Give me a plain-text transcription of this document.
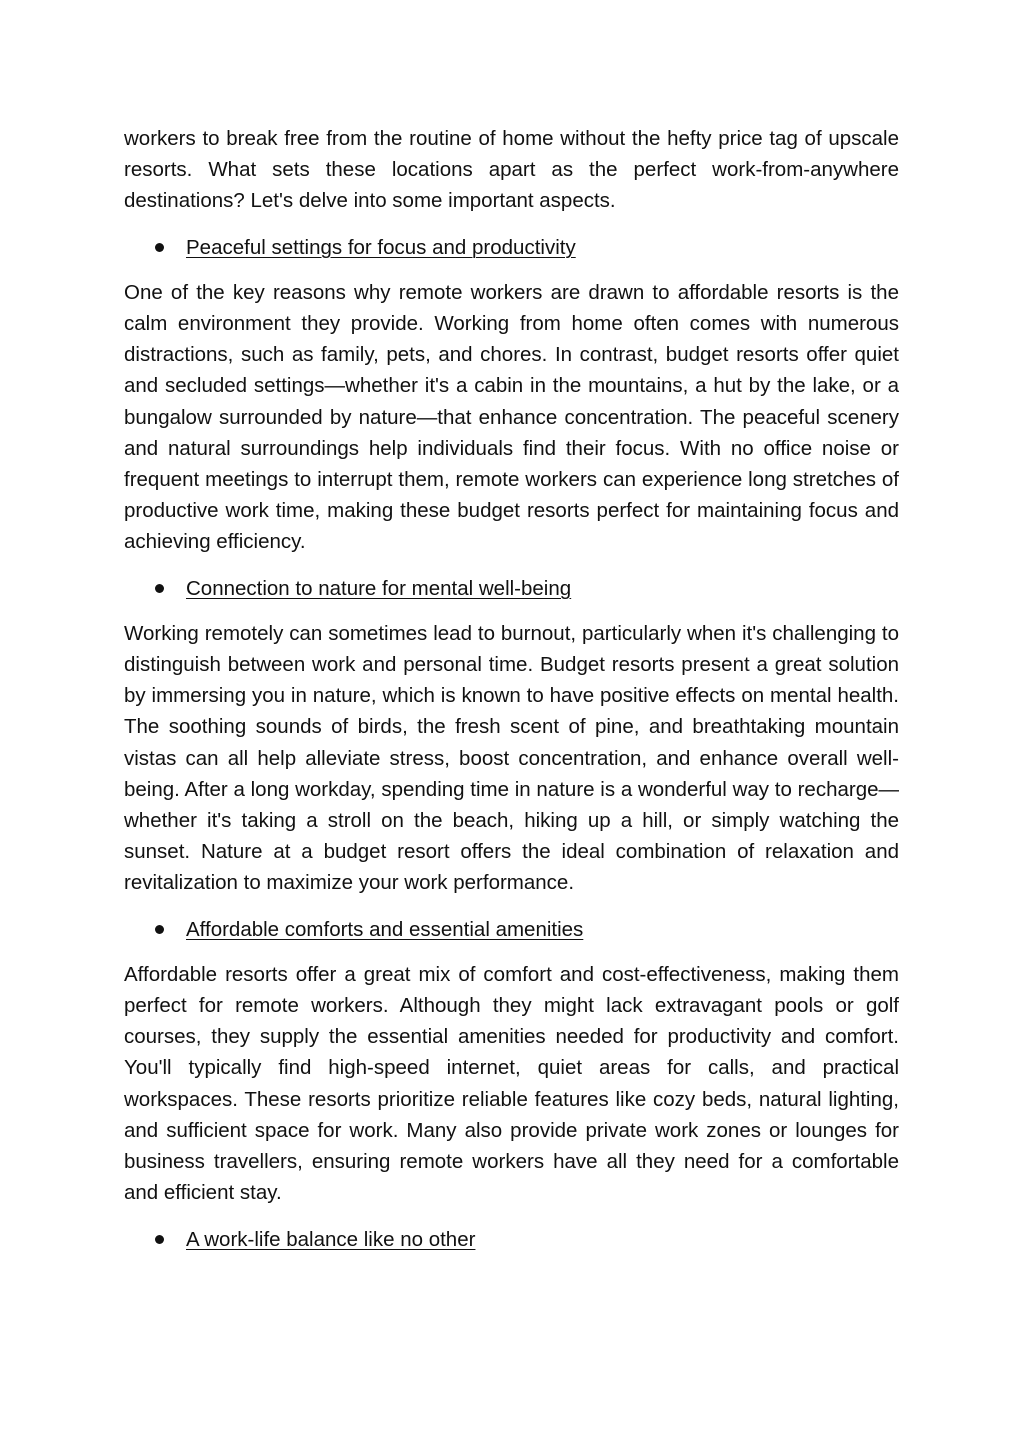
workers to break free from the routine of home without the hefty price tag of upscale resorts. What sets these locations apart as the perfect work-from-anywhere destinations? Let's delve into some important aspects.

Peaceful settings for focus and productivity

One of the key reasons why remote workers are drawn to affordable resorts is the calm environment they provide. Working from home often comes with numerous distractions, such as family, pets, and chores. In contrast, budget resorts offer quiet and secluded settings—whether it's a cabin in the mountains, a hut by the lake, or a bungalow surrounded by nature—that enhance concentration. The peaceful scenery and natural surroundings help individuals find their focus. With no office noise or frequent meetings to interrupt them, remote workers can experience long stretches of productive work time, making these budget resorts perfect for maintaining focus and achieving efficiency.

Connection to nature for mental well-being

Working remotely can sometimes lead to burnout, particularly when it's challenging to distinguish between work and personal time. Budget resorts present a great solution by immersing you in nature, which is known to have positive effects on mental health. The soothing sounds of birds, the fresh scent of pine, and breathtaking mountain vistas can all help alleviate stress, boost concentration, and enhance overall well-being. After a long workday, spending time in nature is a wonderful way to recharge—whether it's taking a stroll on the beach, hiking up a hill, or simply watching the sunset. Nature at a budget resort offers the ideal combination of relaxation and revitalization to maximize your work performance.

Affordable comforts and essential amenities

Affordable resorts offer a great mix of comfort and cost-effectiveness, making them perfect for remote workers. Although they might lack extravagant pools or golf courses, they supply the essential amenities needed for productivity and comfort. You'll typically find high-speed internet, quiet areas for calls, and practical workspaces. These resorts prioritize reliable features like cozy beds, natural lighting, and sufficient space for work. Many also provide private work zones or lounges for business travellers, ensuring remote workers have all they need for a comfortable and efficient stay.

A work-life balance like no other
